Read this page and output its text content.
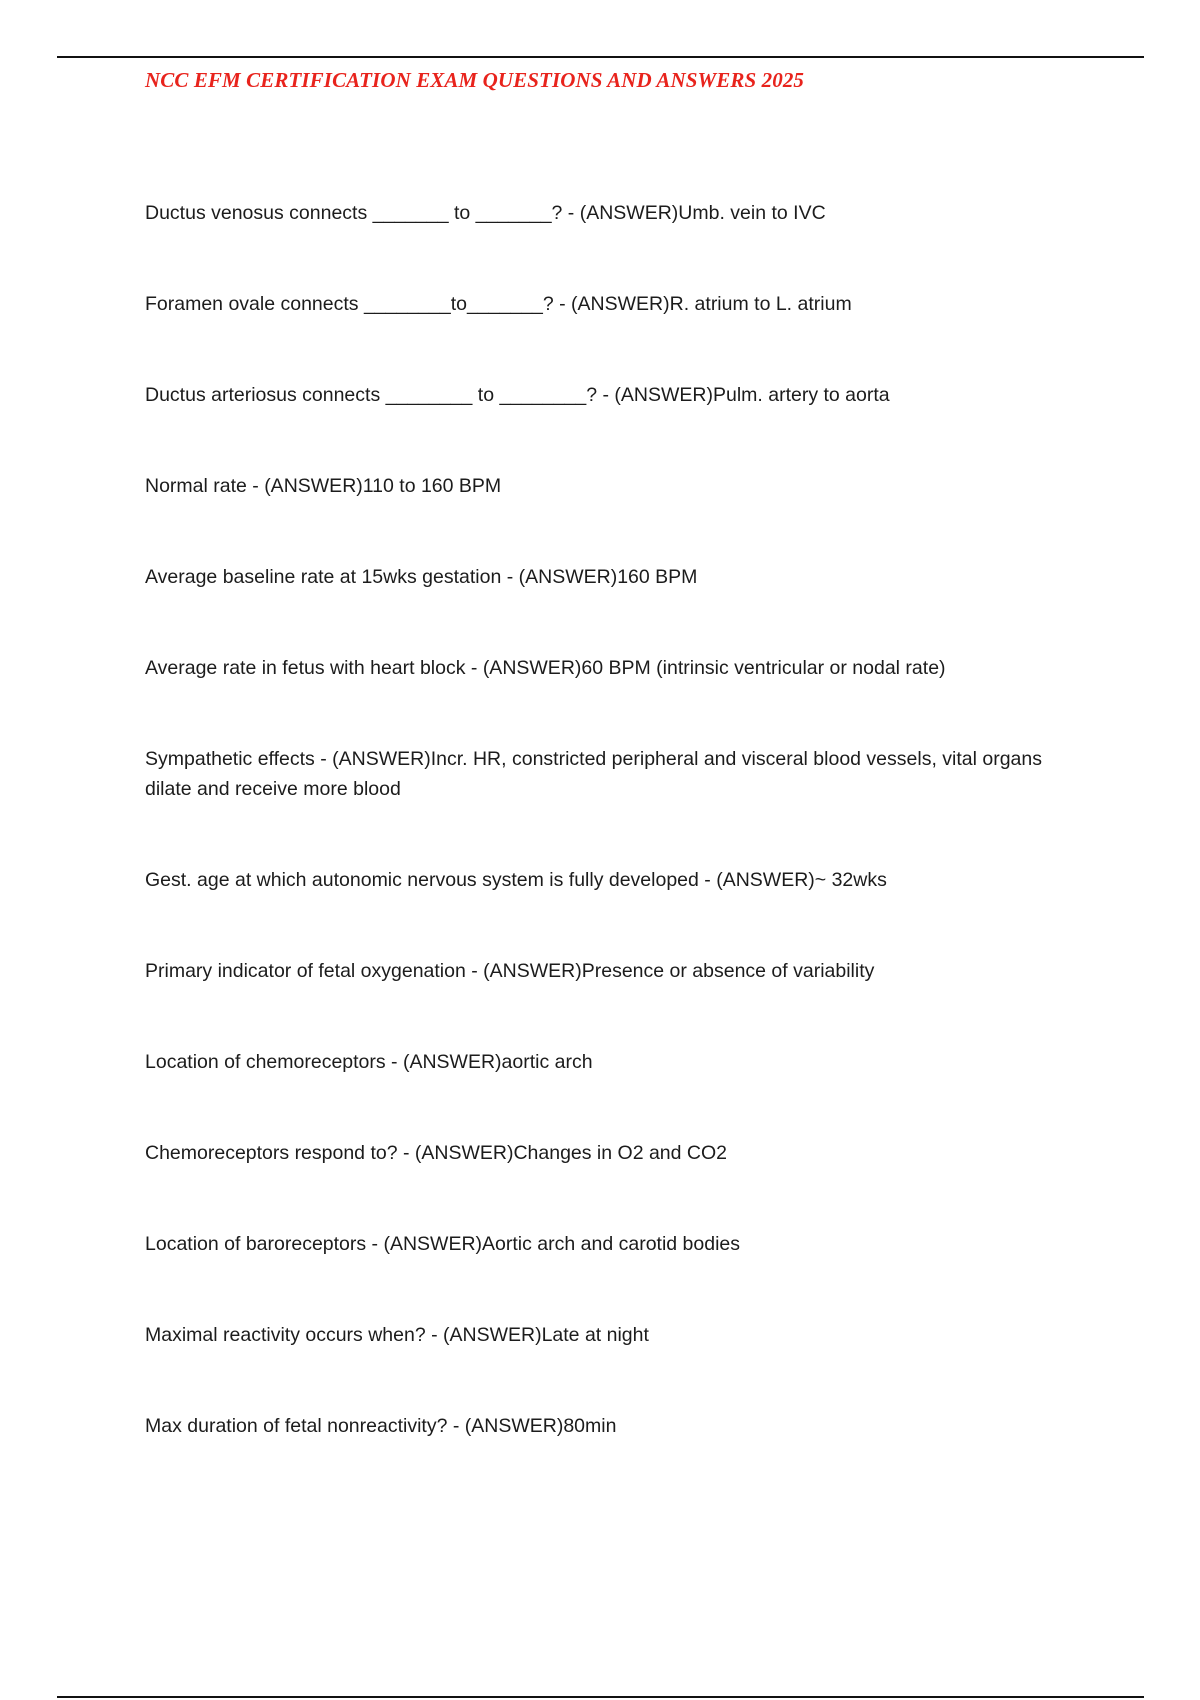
NCC EFM CERTIFICATION EXAM QUESTIONS AND ANSWERS 2025
Ductus venosus connects _______ to _______? - (ANSWER)Umb. vein to IVC
Foramen ovale connects ________to_______? - (ANSWER)R. atrium to L. atrium
Ductus arteriosus connects ________ to ________? - (ANSWER)Pulm. artery to aorta
Normal rate - (ANSWER)110 to 160 BPM
Average baseline rate at 15wks gestation - (ANSWER)160 BPM
Average rate in fetus with heart block - (ANSWER)60 BPM (intrinsic ventricular or nodal rate)
Sympathetic effects - (ANSWER)Incr. HR, constricted peripheral and visceral blood vessels, vital organs dilate and receive more blood
Gest. age at which autonomic nervous system is fully developed - (ANSWER)~ 32wks
Primary indicator of fetal oxygenation - (ANSWER)Presence or absence of variability
Location of chemoreceptors - (ANSWER)aortic arch
Chemoreceptors respond to? - (ANSWER)Changes in O2 and CO2
Location of baroreceptors - (ANSWER)Aortic arch and carotid bodies
Maximal reactivity occurs when? - (ANSWER)Late at night
Max duration of fetal nonreactivity? - (ANSWER)80min
